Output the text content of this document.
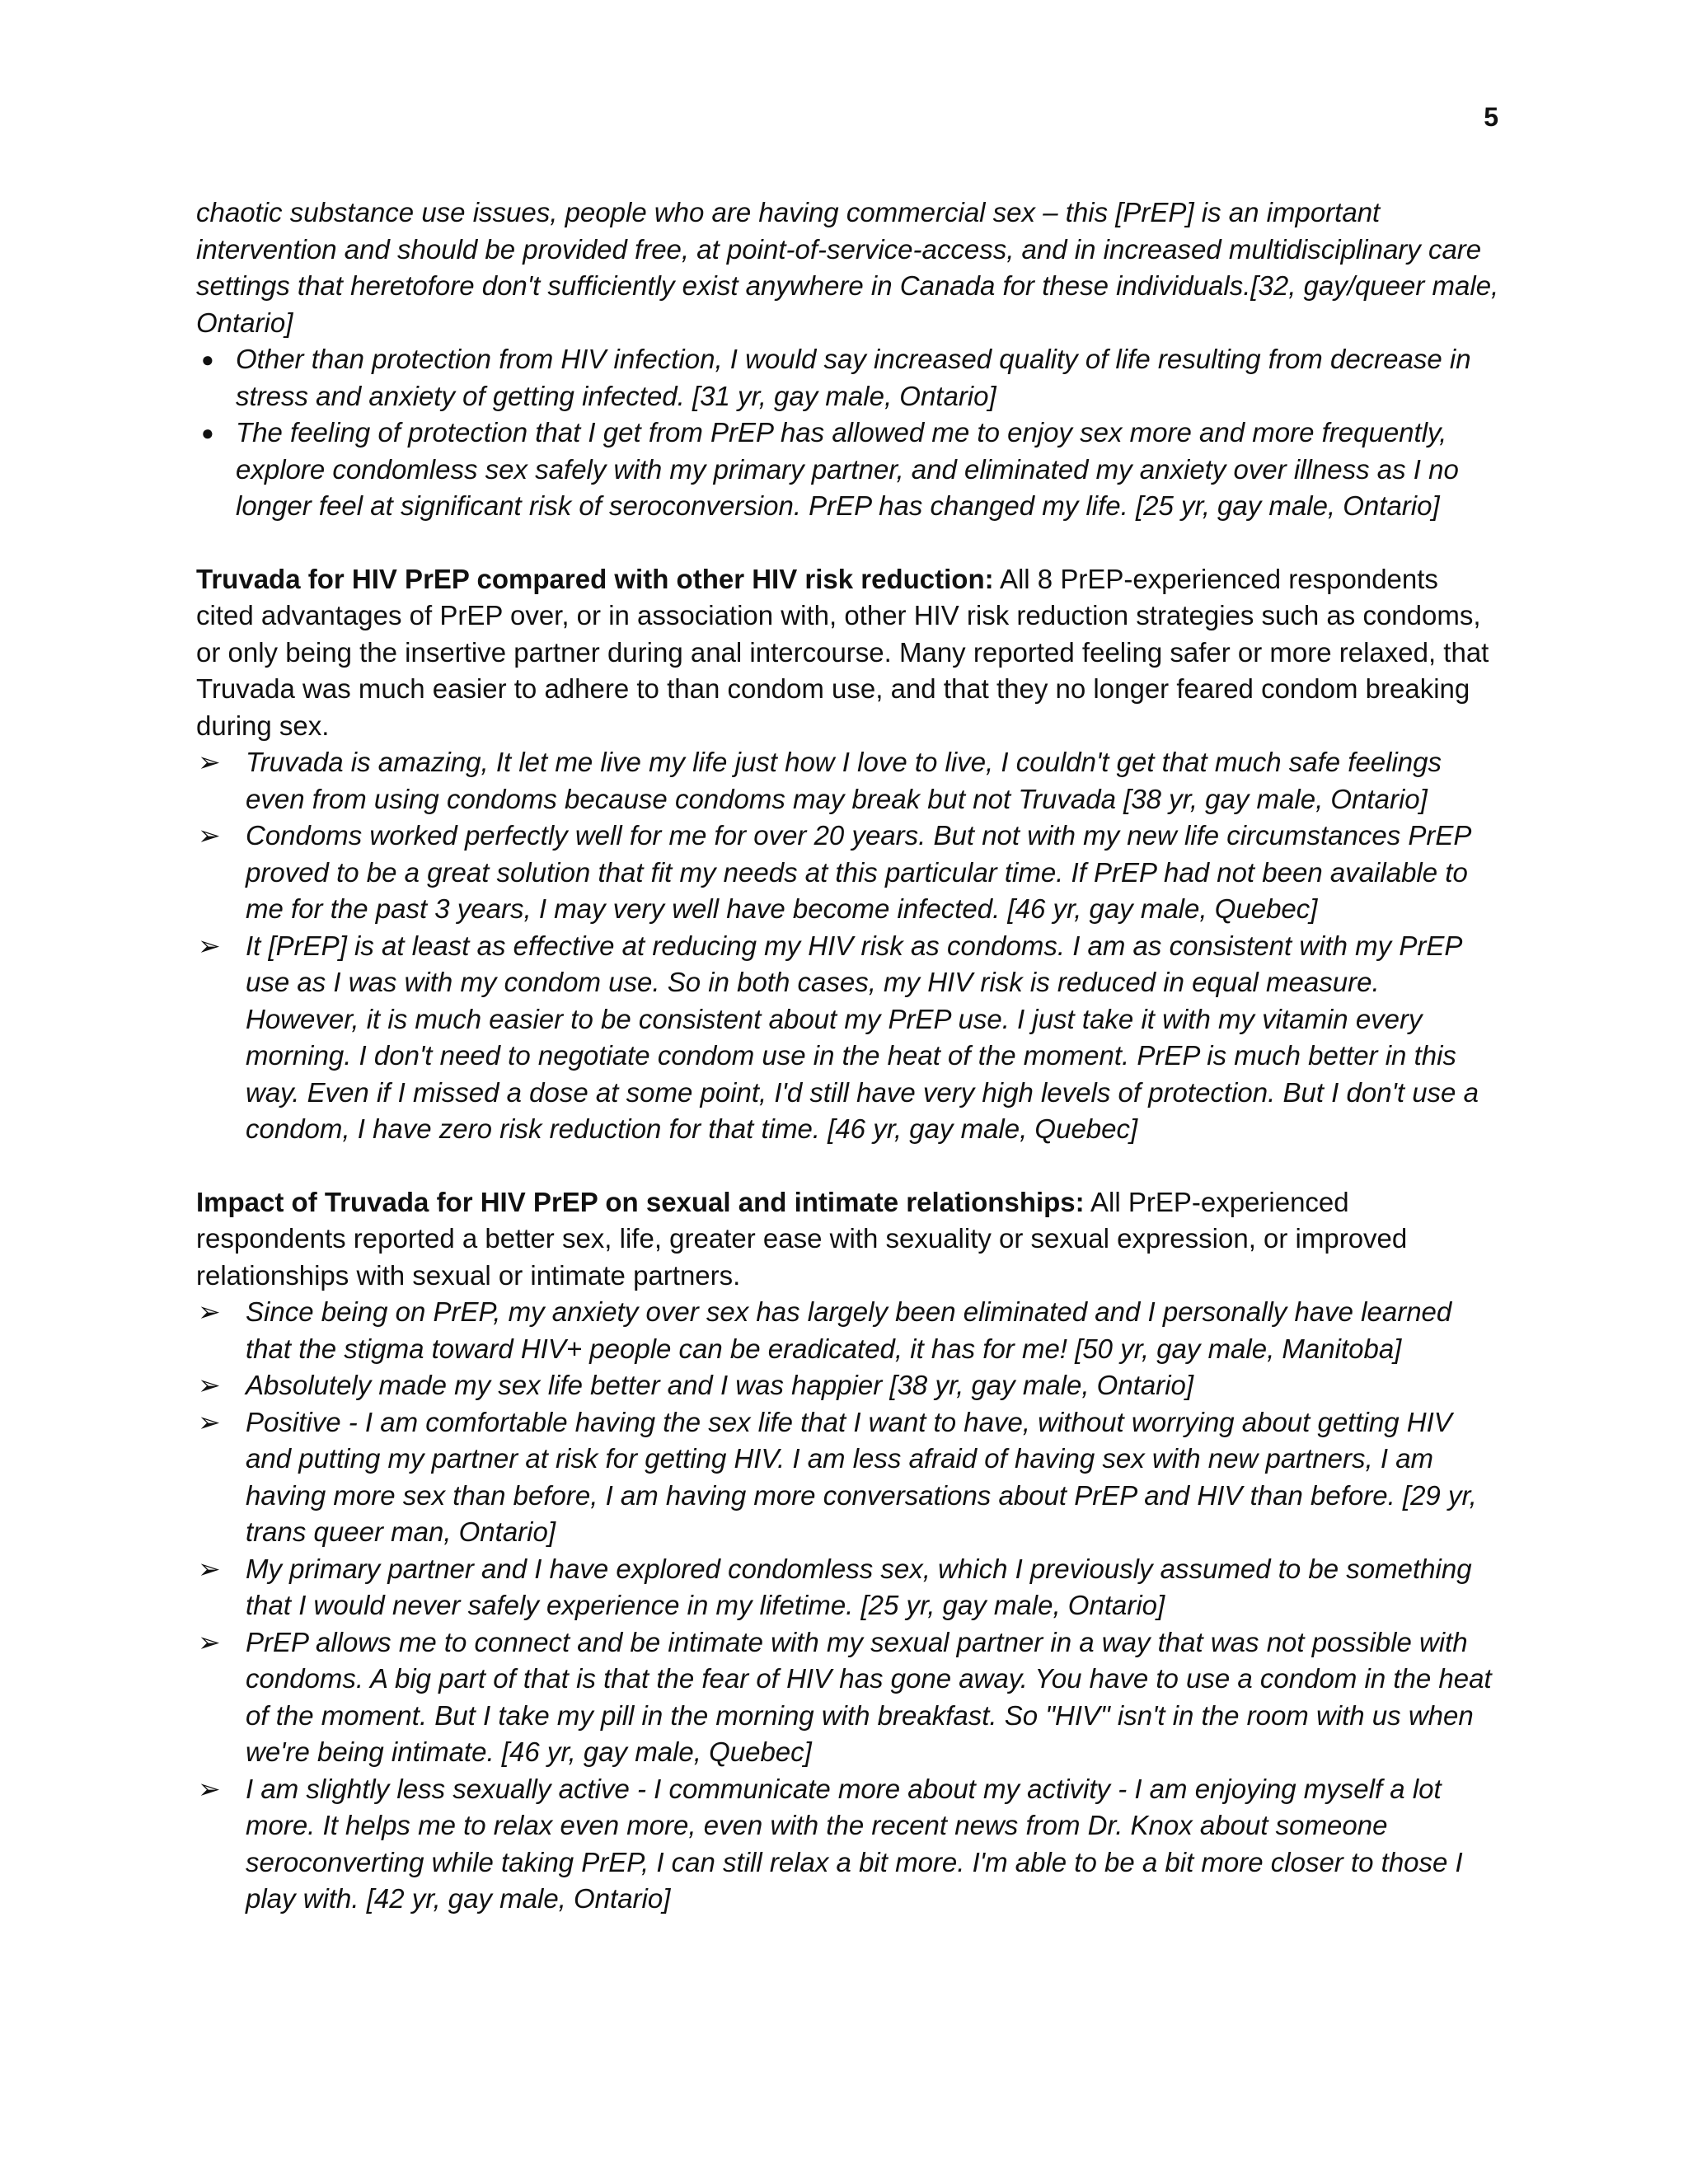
5

chaotic substance use issues, people who are having commercial sex – this [PrEP] is an important intervention and should be provided free, at point-of-service-access, and in increased multidisciplinary care settings that heretofore don't sufficiently exist anywhere in Canada for these individuals.[32, gay/queer male, Ontario]

● Other than protection from HIV infection, I would say increased quality of life resulting from decrease in stress and anxiety of getting infected. [31 yr, gay male, Ontario]
● The feeling of protection that I get from PrEP has allowed me to enjoy sex more and more frequently, explore condomless sex safely with my primary partner, and eliminated my anxiety over illness as I no longer feel at significant risk of seroconversion. PrEP has changed my life. [25 yr, gay male, Ontario]

Truvada for HIV PrEP compared with other HIV risk reduction: All 8 PrEP-experienced respondents cited advantages of PrEP over, or in association with, other HIV risk reduction strategies such as condoms, or only being the insertive partner during anal intercourse. Many reported feeling safer or more relaxed, that Truvada was much easier to adhere to than condom use, and that they no longer feared condom breaking during sex.

➢ Truvada is amazing, It let me live my life just how I love to live, I couldn't get that much safe feelings even from using condoms because condoms may break but not Truvada [38 yr, gay male, Ontario]
➢ Condoms worked perfectly well for me for over 20 years. But not with my new life circumstances PrEP proved to be a great solution that fit my needs at this particular time. If PrEP had not been available to me for the past 3 years, I may very well have become infected. [46 yr, gay male, Quebec]
➢ It [PrEP] is at least as effective at reducing my HIV risk as condoms. I am as consistent with my PrEP use as I was with my condom use. So in both cases, my HIV risk is reduced in equal measure. However, it is much easier to be consistent about my PrEP use. I just take it with my vitamin every morning. I don't need to negotiate condom use in the heat of the moment. PrEP is much better in this way. Even if I missed a dose at some point, I'd still have very high levels of protection. But I don't use a condom, I have zero risk reduction for that time. [46 yr, gay male, Quebec]

Impact of Truvada for HIV PrEP on sexual and intimate relationships: All PrEP-experienced respondents reported a better sex, life, greater ease with sexuality or sexual expression, or improved relationships with sexual or intimate partners.

➢ Since being on PrEP, my anxiety over sex has largely been eliminated and I personally have learned that the stigma toward HIV+ people can be eradicated, it has for me! [50 yr, gay male, Manitoba]
➢ Absolutely made my sex life better and I was happier [38 yr, gay male, Ontario]
➢ Positive - I am comfortable having the sex life that I want to have, without worrying about getting HIV and putting my partner at risk for getting HIV. I am less afraid of having sex with new partners, I am having more sex than before, I am having more conversations about PrEP and HIV than before. [29 yr, trans queer man, Ontario]
➢ My primary partner and I have explored condomless sex, which I previously assumed to be something that I would never safely experience in my lifetime. [25 yr, gay male, Ontario]
➢ PrEP allows me to connect and be intimate with my sexual partner in a way that was not possible with condoms. A big part of that is that the fear of HIV has gone away. You have to use a condom in the heat of the moment. But I take my pill in the morning with breakfast. So "HIV" isn't in the room with us when we're being intimate. [46 yr, gay male, Quebec]
➢ I am slightly less sexually active - I communicate more about my activity - I am enjoying myself a lot more. It helps me to relax even more, even with the recent news from Dr. Knox about someone seroconverting while taking PrEP, I can still relax a bit more. I'm able to be a bit more closer to those I play with. [42 yr, gay male, Ontario]
